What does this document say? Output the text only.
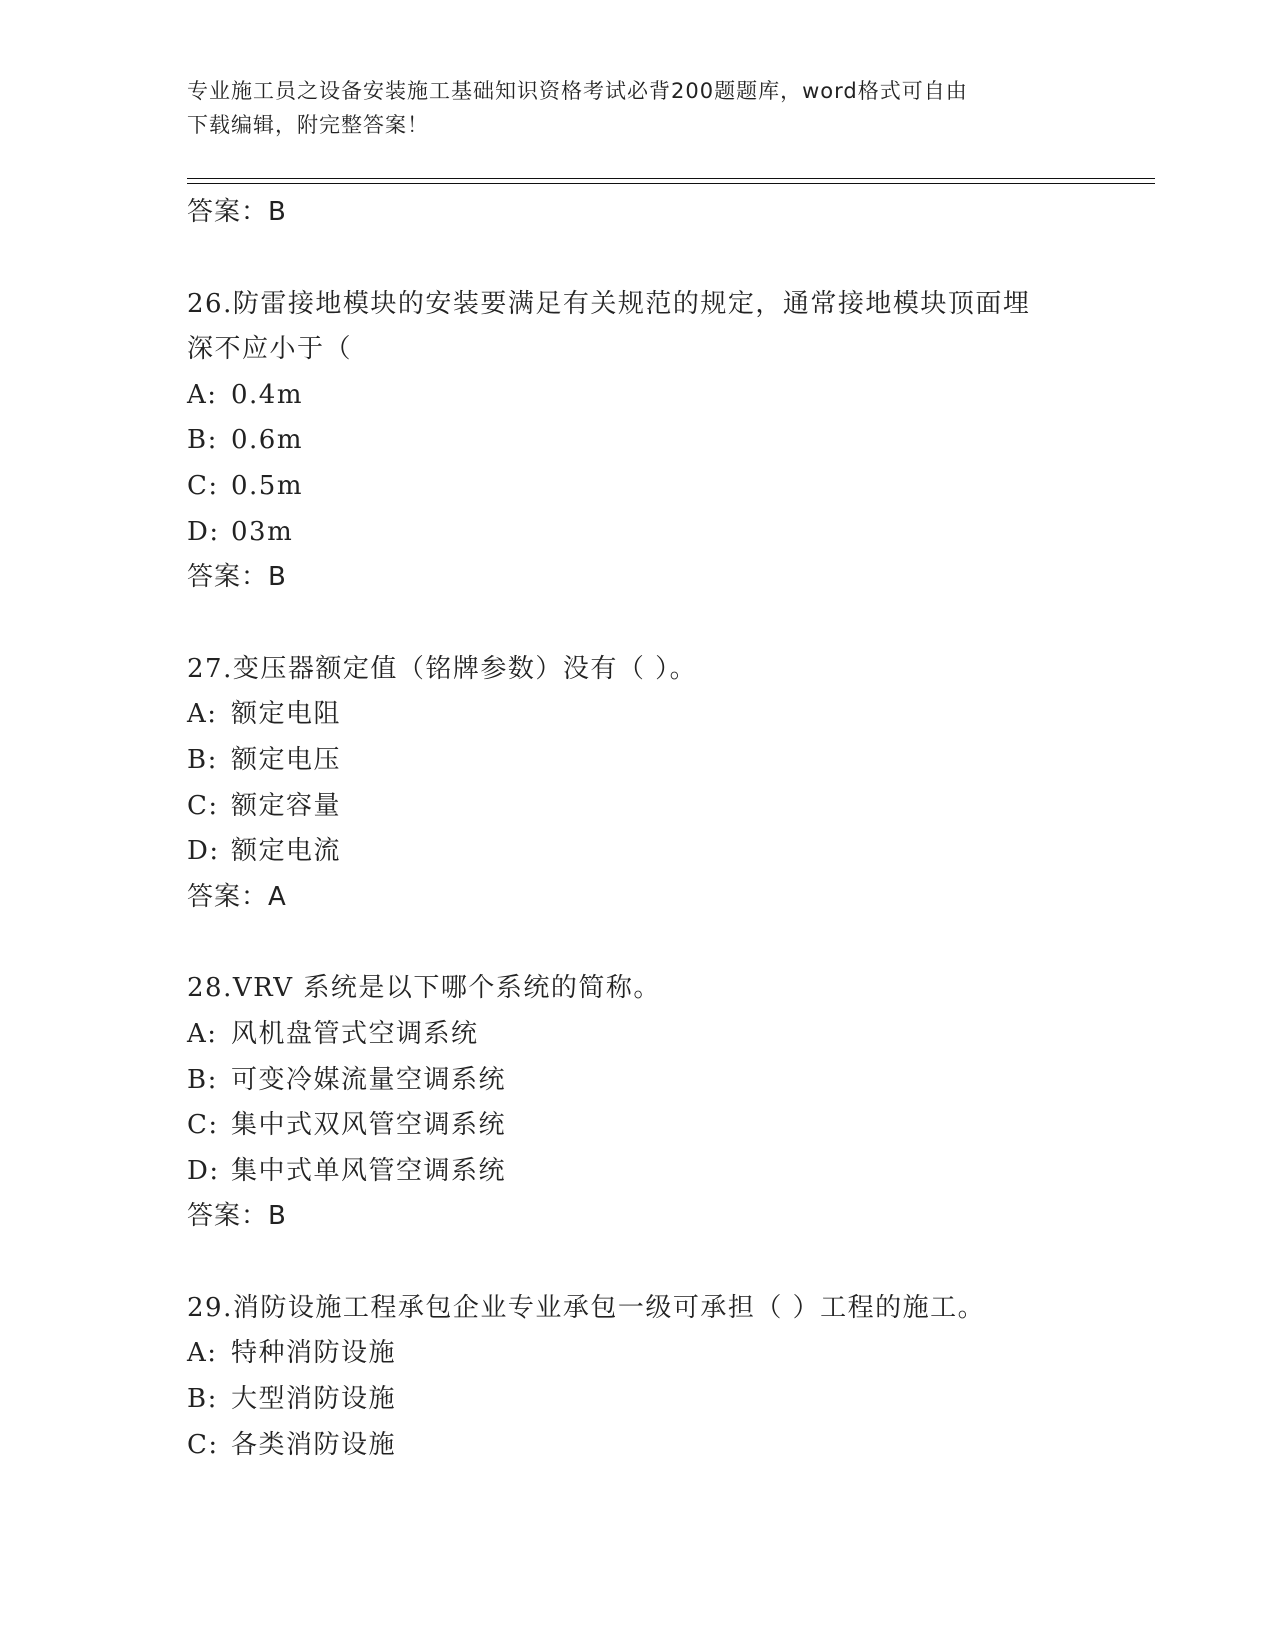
专业施工员之设备安装施工基础知识资格考试必背200题题库，word格式可自由
下载编辑，附完整答案！
答案：B
26.防雷接地模块的安装要满足有关规范的规定，通常接地模块顶面埋
深不应小于（
A: 0.4m
B: 0.6m
C: 0.5m
D: 03m
答案：B
27.变压器额定值（铭牌参数）没有（ ）。
A: 额定电阻
B: 额定电压
C: 额定容量
D: 额定电流
答案：A
28.VRV 系统是以下哪个系统的简称。
A: 风机盘管式空调系统
B: 可变冷媒流量空调系统
C: 集中式双风管空调系统
D: 集中式单风管空调系统
答案：B
29.消防设施工程承包企业专业承包一级可承担（ ）工程的施工。
A: 特种消防设施
B: 大型消防设施
C: 各类消防设施
